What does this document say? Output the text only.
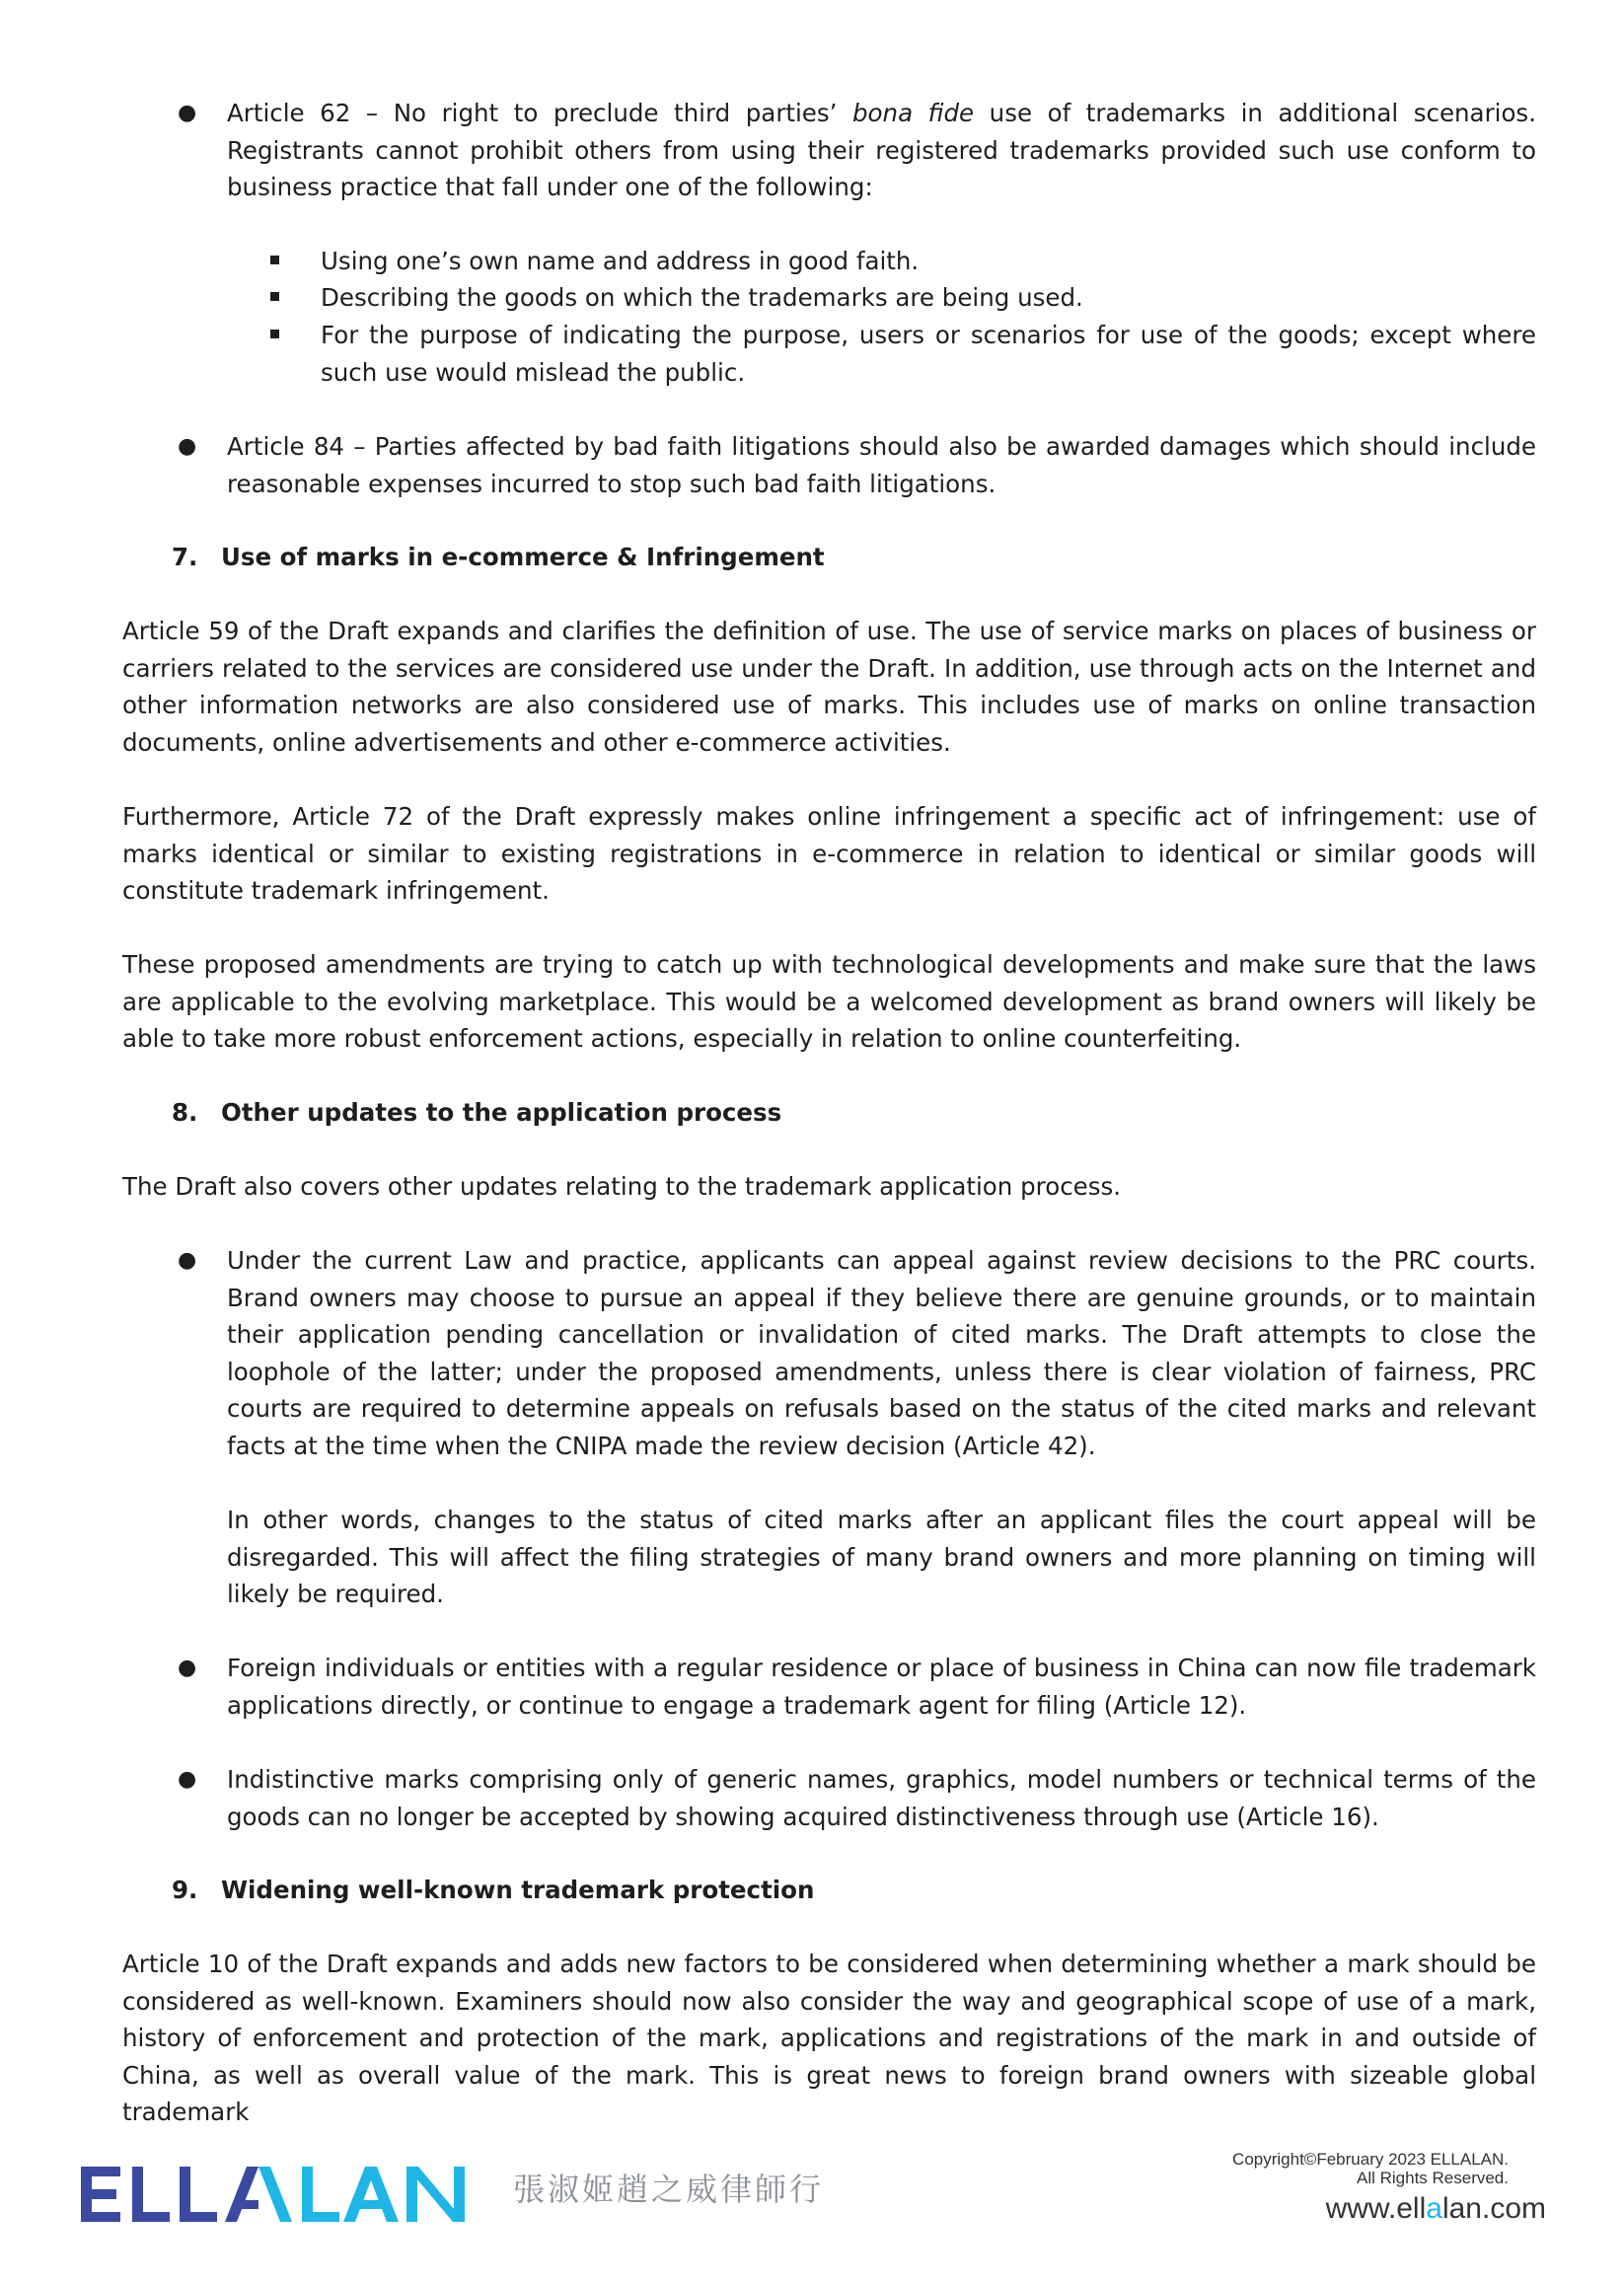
● Article 62 – No right to preclude third parties’ bona fide use of trademarks in additional scenarios. Registrants cannot prohibit others from using their registered trademarks provided such use conform to business practice that fall under one of the following:

Using one’s own name and address in good faith.

Describing the goods on which the trademarks are being used.

For the purpose of indicating the purpose, users or scenarios for use of the goods; except where such use would mislead the public.

● Article 84 – Parties affected by bad faith litigations should also be awarded damages which should include reasonable expenses incurred to stop such bad faith litigations.

7. Use of marks in e-commerce & Infringement

Article 59 of the Draft expands and clarifies the definition of use. The use of service marks on places of business or carriers related to the services are considered use under the Draft. In addition, use through acts on the Internet and other information networks are also considered use of marks. This includes use of marks on online transaction documents, online advertisements and other e-commerce activities.

Furthermore, Article 72 of the Draft expressly makes online infringement a specific act of infringement: use of marks identical or similar to existing registrations in e-commerce in relation to identical or similar goods will constitute trademark infringement.

These proposed amendments are trying to catch up with technological developments and make sure that the laws are applicable to the evolving marketplace. This would be a welcomed development as brand owners will likely be able to take more robust enforcement actions, especially in relation to online counterfeiting.

8. Other updates to the application process

The Draft also covers other updates relating to the trademark application process.

● Under the current Law and practice, applicants can appeal against review decisions to the PRC courts. Brand owners may choose to pursue an appeal if they believe there are genuine grounds, or to maintain their application pending cancellation or invalidation of cited marks. The Draft attempts to close the loophole of the latter; under the proposed amendments, unless there is clear violation of fairness, PRC courts are required to determine appeals on refusals based on the status of the cited marks and relevant facts at the time when the CNIPA made the review decision (Article 42).

In other words, changes to the status of cited marks after an applicant files the court appeal will be disregarded. This will affect the filing strategies of many brand owners and more planning on timing will likely be required.

● Foreign individuals or entities with a regular residence or place of business in China can now file trademark applications directly, or continue to engage a trademark agent for filing (Article 12).

● Indistinctive marks comprising only of generic names, graphics, model numbers or technical terms of the goods can no longer be accepted by showing acquired distinctiveness through use (Article 16).

9. Widening well-known trademark protection

Article 10 of the Draft expands and adds new factors to be considered when determining whether a mark should be considered as well-known. Examiners should now also consider the way and geographical scope of use of a mark, history of enforcement and protection of the mark, applications and registrations of the mark in and outside of China, as well as overall value of the mark. This is great news to foreign brand owners with sizeable global trademark

張淑姬趙之威律師行
Copyright©February 2023 ELLALAN.
All Rights Reserved.
www.ellalan.com
